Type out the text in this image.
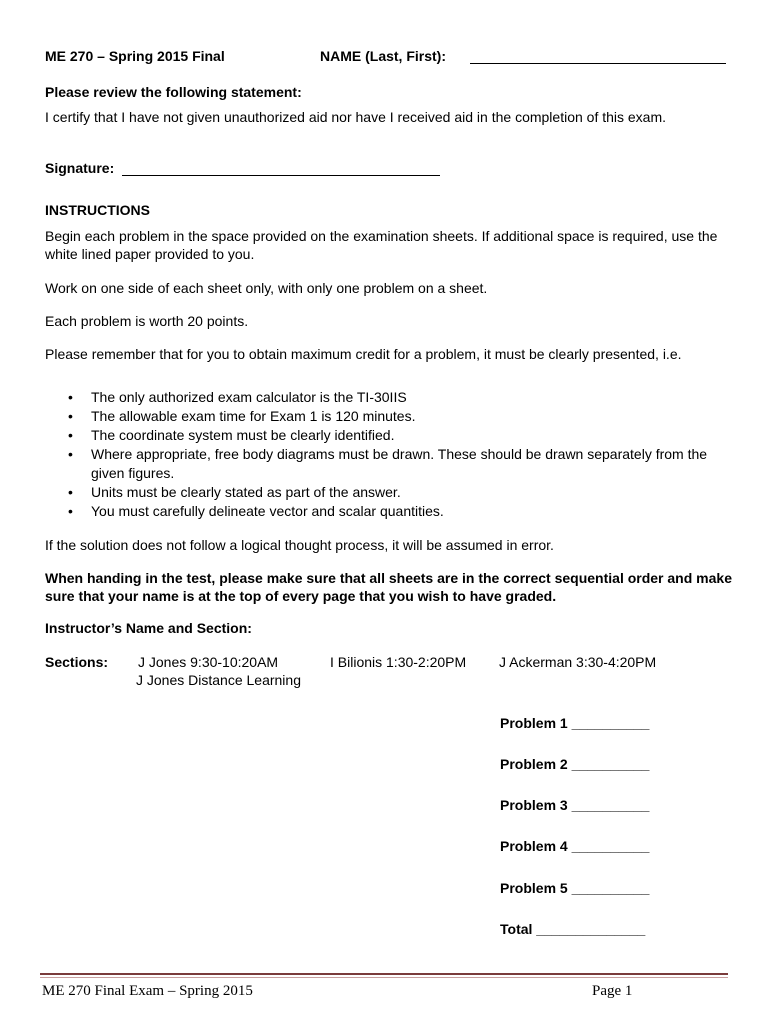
ME 270 – Spring 2015 Final	NAME (Last, First):
Please review the following statement:
I certify that I have not given unauthorized aid nor have I received aid in the completion of this exam.
Signature:
INSTRUCTIONS
Begin each problem in the space provided on the examination sheets. If additional space is required, use the white lined paper provided to you.
Work on one side of each sheet only, with only one problem on a sheet.
Each problem is worth 20 points.
Please remember that for you to obtain maximum credit for a problem, it must be clearly presented, i.e.
• The only authorized exam calculator is the TI-30IIS
• The allowable exam time for Exam 1 is 120 minutes.
• The coordinate system must be clearly identified.
• Where appropriate, free body diagrams must be drawn. These should be drawn separately from the given figures.
• Units must be clearly stated as part of the answer.
• You must carefully delineate vector and scalar quantities.
If the solution does not follow a logical thought process, it will be assumed in error.
When handing in the test, please make sure that all sheets are in the correct sequential order and make sure that your name is at the top of every page that you wish to have graded.
Instructor’s Name and Section:
Sections: J Jones 9:30-10:20AM	I Bilionis 1:30-2:20PM J Ackerman 3:30-4:20PM
J Jones Distance Learning
Problem 1 __________
Problem 2 __________
Problem 3 __________
Problem 4 __________
Problem 5 __________
Total ______________
ME 270 Final Exam – Spring 2015	Page 1
